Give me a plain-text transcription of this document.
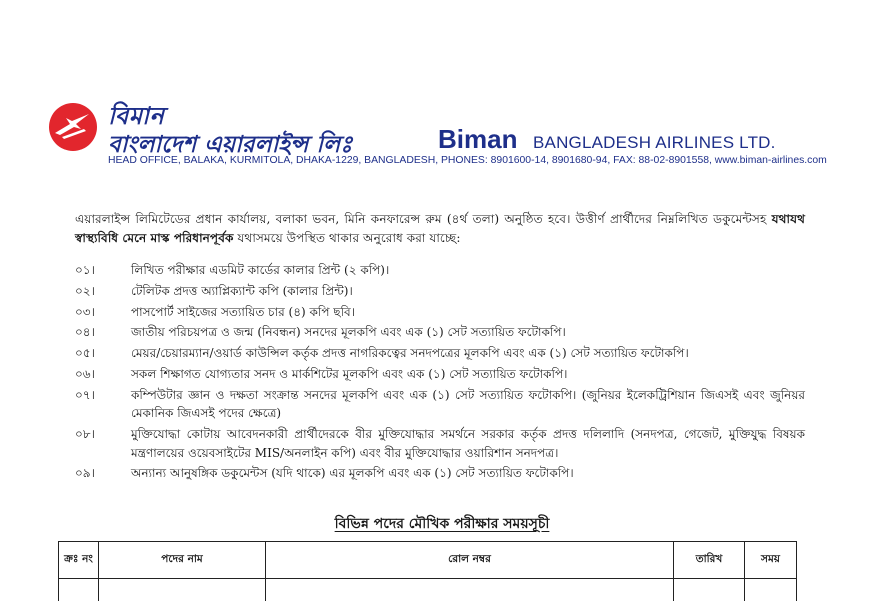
বিমান
বাংলাদেশ এয়ারলাইন্স লিঃ	Biman BANGLADESH AIRLINES LTD.
HEAD OFFICE, BALAKA, KURMITOLA, DHAKA-1229, BANGLADESH, PHONES: 8901600-14, 8901680-94, FAX: 88-02-8901558, www.biman-airlines.com
এয়ারলাইন্স লিমিটেডের প্রধান কার্যালয়, বলাকা ভবন, মিনি কনফারেন্স রুম (৪র্থ তলা) অনুষ্ঠিত হবে। উত্তীর্ণ প্রার্থীদের নিম্নলিখিত ডকুমেন্টসহ যথাযথ স্বাস্থ্যবিধি মেনে মাস্ক পরিধানপূর্বক যথাসময়ে উপস্থিত থাকার অনুরোধ করা যাচ্ছে:
০১।	লিখিত পরীক্ষার এডমিট কার্ডের কালার প্রিন্ট (২ কপি)।
০২।	টেলিটক প্রদত্ত অ্যাপ্লিক্যান্ট কপি (কালার প্রিন্ট)।
০৩।	পাসপোর্ট সাইজের সত্যায়িত চার (৪) কপি ছবি।
০৪।	জাতীয় পরিচয়পত্র ও জন্ম (নিবন্ধন) সনদের মূলকপি এবং এক (১) সেট সত্যায়িত ফটোকপি।
০৫।	মেয়র/চেয়ারম্যান/ওয়ার্ড কাউন্সিল কর্তৃক প্রদত্ত নাগরিকত্বের সনদপত্রের মূলকপি এবং এক (১) সেট সত্যায়িত ফটোকপি।
০৬।	সকল শিক্ষাগত যোগ্যতার সনদ ও মার্কশিটের মূলকপি এবং এক (১) সেট সত্যায়িত ফটোকপি।
০৭।	কম্পিউটার জ্ঞান ও দক্ষতা সংক্রান্ত সনদের মূলকপি এবং এক (১) সেট সত্যায়িত ফটোকপি। (জুনিয়র ইলেকট্রিশিয়ান জিএসই এবং জুনিয়র মেকানিক জিএসই পদের ক্ষেত্রে)
০৮।	মুক্তিযোদ্ধা কোটায় আবেদনকারী প্রার্থীদেরকে বীর মুক্তিযোদ্ধার সমর্থনে সরকার কর্তৃক প্রদত্ত দলিলাদি (সনদপত্র, গেজেট, মুক্তিযুদ্ধ বিষয়ক মন্ত্রণালয়ের ওয়েবসাইটের MIS/অনলাইন কপি) এবং বীর মুক্তিযোদ্ধার ওয়ারিশান সনদপত্র।
০৯।	অন্যান্য আনুষঙ্গিক ডকুমেন্টস (যদি থাকে) এর মূলকপি এবং এক (১) সেট সত্যায়িত ফটোকপি।
বিভিন্ন পদের মৌখিক পরীক্ষার সময়সূচী
ক্রঃ নং	পদের নাম	রোল নম্বর	তারিখ	সময়
